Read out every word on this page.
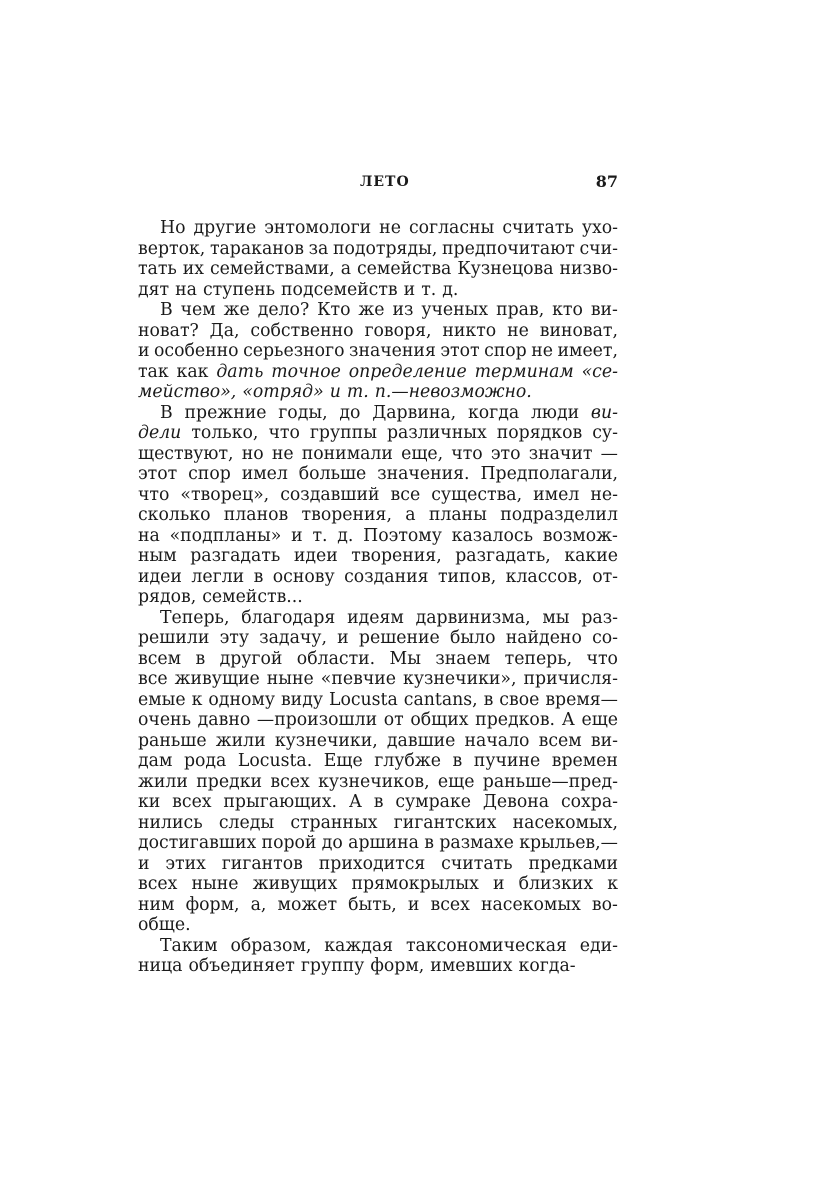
ЛЕТО	87
Но другие энтомологи не согласны считать ухо-
верток, тараканов за подотряды, предпочитают счи-
тать их семействами, а семейства Кузнецова низво-
дят на ступень подсемейств и т. д.
В чем же дело? Кто же из ученых прав, кто ви-
новат? Да, собственно говоря, никто не виноват,
и особенно серьезного значения этот спор не имеет,
так как дать точное определение терминам «се-
мейство», «отряд» и т. п.—невозможно.
В прежние годы, до Дарвина, когда люди ви-
дели только, что группы различных порядков су-
ществуют, но не понимали еще, что это значит —
этот спор имел больше значения. Предполагали,
что «творец», создавший все существа, имел не-
сколько планов творения, а планы подразделил
на «подпланы» и т. д. Поэтому казалось возмож-
ным разгадать идеи творения, разгадать, какие
идеи легли в основу создания типов, классов, от-
рядов, семейств...
Теперь, благодаря идеям дарвинизма, мы раз-
решили эту задачу, и решение было найдено со-
всем в другой области. Мы знаем теперь, что
все живущие ныне «певчие кузнечики», причисля-
емые к одному виду Locusta cantans, в свое время—
очень давно —произошли от общих предков. А еще
раньше жили кузнечики, давшие начало всем ви-
дам рода Locusta. Еще глубже в пучине времен
жили предки всех кузнечиков, еще раньше—пред-
ки всех прыгающих. А в сумраке Девона сохра-
нились следы странных гигантских насекомых,
достигавших порой до аршина в размахе крыльев,—
и этих гигантов приходится считать предками
всех ныне живущих прямокрылых и близких к
ним форм, а, может быть, и всех насекомых во-
обще.
Таким образом, каждая таксономическая еди-
ница объединяет группу форм, имевших когда-
